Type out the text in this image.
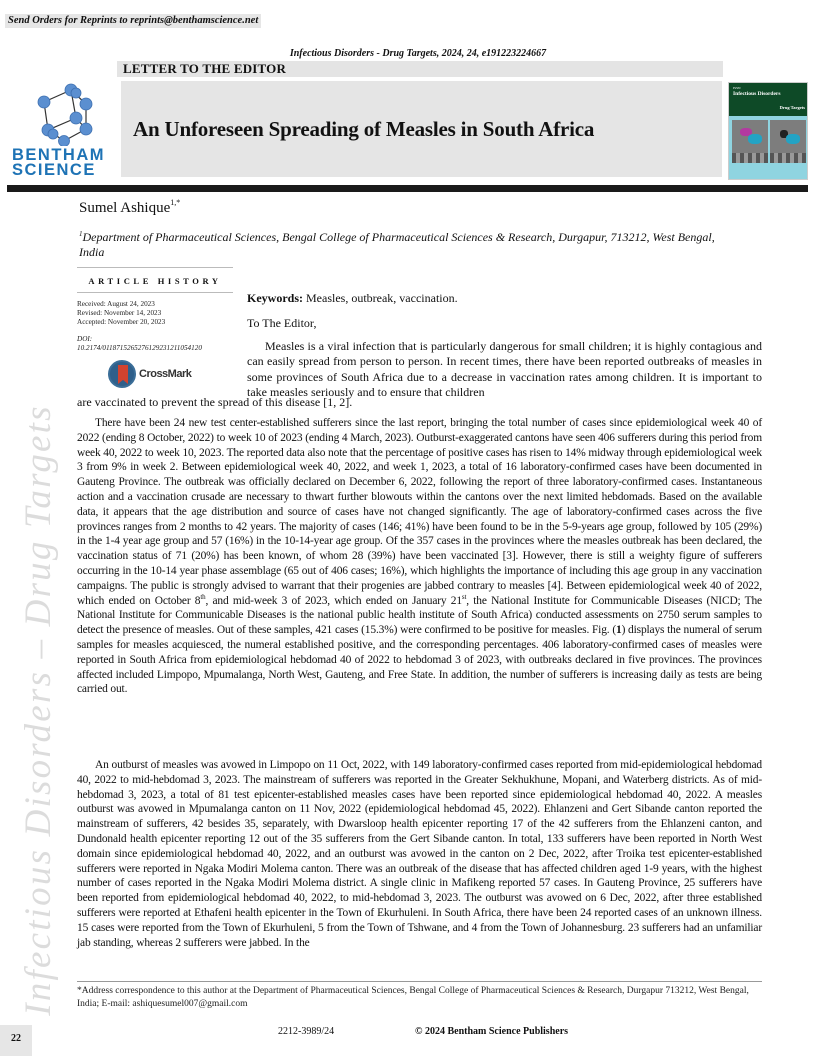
Send Orders for Reprints to reprints@benthamscience.net
Infectious Disorders - Drug Targets, 2024, 24, e191223224667
LETTER TO THE EDITOR
BENTHAM
SCIENCE
An Unforeseen Spreading of Measles in South Africa
ISSN
Infectious Disorders
Drug Targets
Sumel Ashique$^{1,*}$
$^1$Department of Pharmaceutical Sciences, Bengal College of Pharmaceutical Sciences & Research, Durgapur, 713212, West Bengal, India
ARTICLE HISTORY
Received: August 24, 2023
Revised: November 14, 2023
Accepted: November 20, 2023
DOI:
10.2174/0118715265276129231211054120
CrossMark
Keywords: Measles, outbreak, vaccination.
To The Editor,

Measles is a viral infection that is particularly dangerous for small children; it is highly contagious and can easily spread from person to person. In recent times, there have been reported outbreaks of measles in some provinces of South Africa due to a decrease in vaccination rates among children. It is important to take measles seriously and to ensure that children

are vaccinated to prevent the spread of this disease [1, 2].

There have been 24 new test center-established sufferers since the last report, bringing the total number of cases since epidemiological week 40 of 2022 (ending 8 October, 2022) to week 10 of 2023 (ending 4 March, 2023). Outburst-exaggerated cantons have seen 406 sufferers during this period from week 40, 2022 to week 10, 2023. The reported data also note that the percentage of positive cases has risen to 14% midway through epidemiological week 3 from 9% in week 2. Between epidemiological week 40, 2022, and week 1, 2023, a total of 16 laboratory-confirmed cases have been documented in Gauteng Province. The outbreak was officially declared on December 6, 2022, following the report of three laboratory-confirmed cases. Instantaneous action and a vaccination crusade are necessary to thwart further blowouts within the cantons over the next limited hebdomads. Based on the available data, it appears that the age distribution and source of cases have not changed significantly. The age of laboratory-confirmed cases across the five provinces ranges from 2 months to 42 years. The majority of cases (146; 41%) have been found to be in the 5-9-years age group, followed by 105 (29%) in the 1-4 year age group and 57 (16%) in the 10-14-year age group. Of the 357 cases in the provinces where the measles outbreak has been declared, the vaccination status of 71 (20%) has been known, of whom 28 (39%) have been vaccinated [3]. However, there is still a weighty figure of sufferers occurring in the 10-14 year phase assemblage (65 out of 406 cases; 16%), which highlights the importance of including this age group in any vaccination campaigns. The public is strongly advised to warrant that their progenies are jabbed contrary to measles [4]. Between epidemiological week 40 of 2022, which ended on October 8th, and mid-week 3 of 2023, which ended on January 21st, the National Institute for Communicable Diseases (NICD; The National Institute for Communicable Diseases is the national public health institute of South Africa) conducted assessments on 2750 serum samples to detect the presence of measles. Out of these samples, 421 cases (15.3%) were confirmed to be positive for measles. Fig. (1) displays the numeral of serum samples for measles acquiesced, the numeral established positive, and the corresponding percentages. 406 laboratory-confirmed cases of measles were reported in South Africa from epidemiological hebdomad 40 of 2022 to hebdomad 3 of 2023, with outbreaks declared in five provinces. The provinces affected included Limpopo, Mpumalanga, North West, Gauteng, and Free State. In addition, the number of sufferers is increasing daily as tests are being carried out.

An outburst of measles was avowed in Limpopo on 11 Oct, 2022, with 149 laboratory-confirmed cases reported from mid-epidemiological hebdomad 40, 2022 to mid-hebdomad 3, 2023. The mainstream of sufferers was reported in the Greater Sekhukhune, Mopani, and Waterberg districts. As of mid-hebdomad 3, 2023, a total of 81 test epicenter-established measles cases have been reported since epidemiological hebdomad 40, 2022. A measles outburst was avowed in Mpumalanga canton on 11 Nov, 2022 (epidemiological hebdomad 45, 2022). Ehlanzeni and Gert Sibande canton reported the mainstream of sufferers, 42 besides 35, separately, with Dwarsloop health epicenter reporting 17 of the 42 sufferers from the Ehlanzeni canton, and Dundonald health epicenter reporting 12 out of the 35 sufferers from the Gert Sibande canton. In total, 133 sufferers have been reported in North West domain since epidemiological hebdomad 40, 2022, and an outburst was avowed in the canton on 2 Dec, 2022, after Troika test epicenter-established sufferers were reported in Ngaka Modiri Molema canton. There was an outbreak of the disease that has affected children aged 1-9 years, with the highest number of cases reported in the Ngaka Modiri Molema district. A single clinic in Mafikeng reported 57 cases. In Gauteng Province, 25 sufferers have been reported from epidemiological hebdomad 40, 2022, to mid-hebdomad 3, 2023. The outburst was avowed on 6 Dec, 2022, after three established sufferers were reported at Ethafeni health epicenter in the Town of Ekurhuleni. In South Africa, there have been 24 reported cases of an unknown illness. 15 cases were reported from the Town of Ekurhuleni, 5 from the Town of Tshwane, and 4 from the Town of Johannesburg. 23 sufferers had an unfamiliar jab standing, whereas 2 sufferers were jabbed. In the

Infectious Disorders – Drug Targets *Address correspondence to this author at the Department of Pharmaceutical Sciences, Bengal College of Pharmaceutical Sciences & Research, Durgapur 713212, West Bengal, India; E-mail: ashiquesumel007@gmail.com
22
2212-3989/24	© 2024 Bentham Science Publishers
